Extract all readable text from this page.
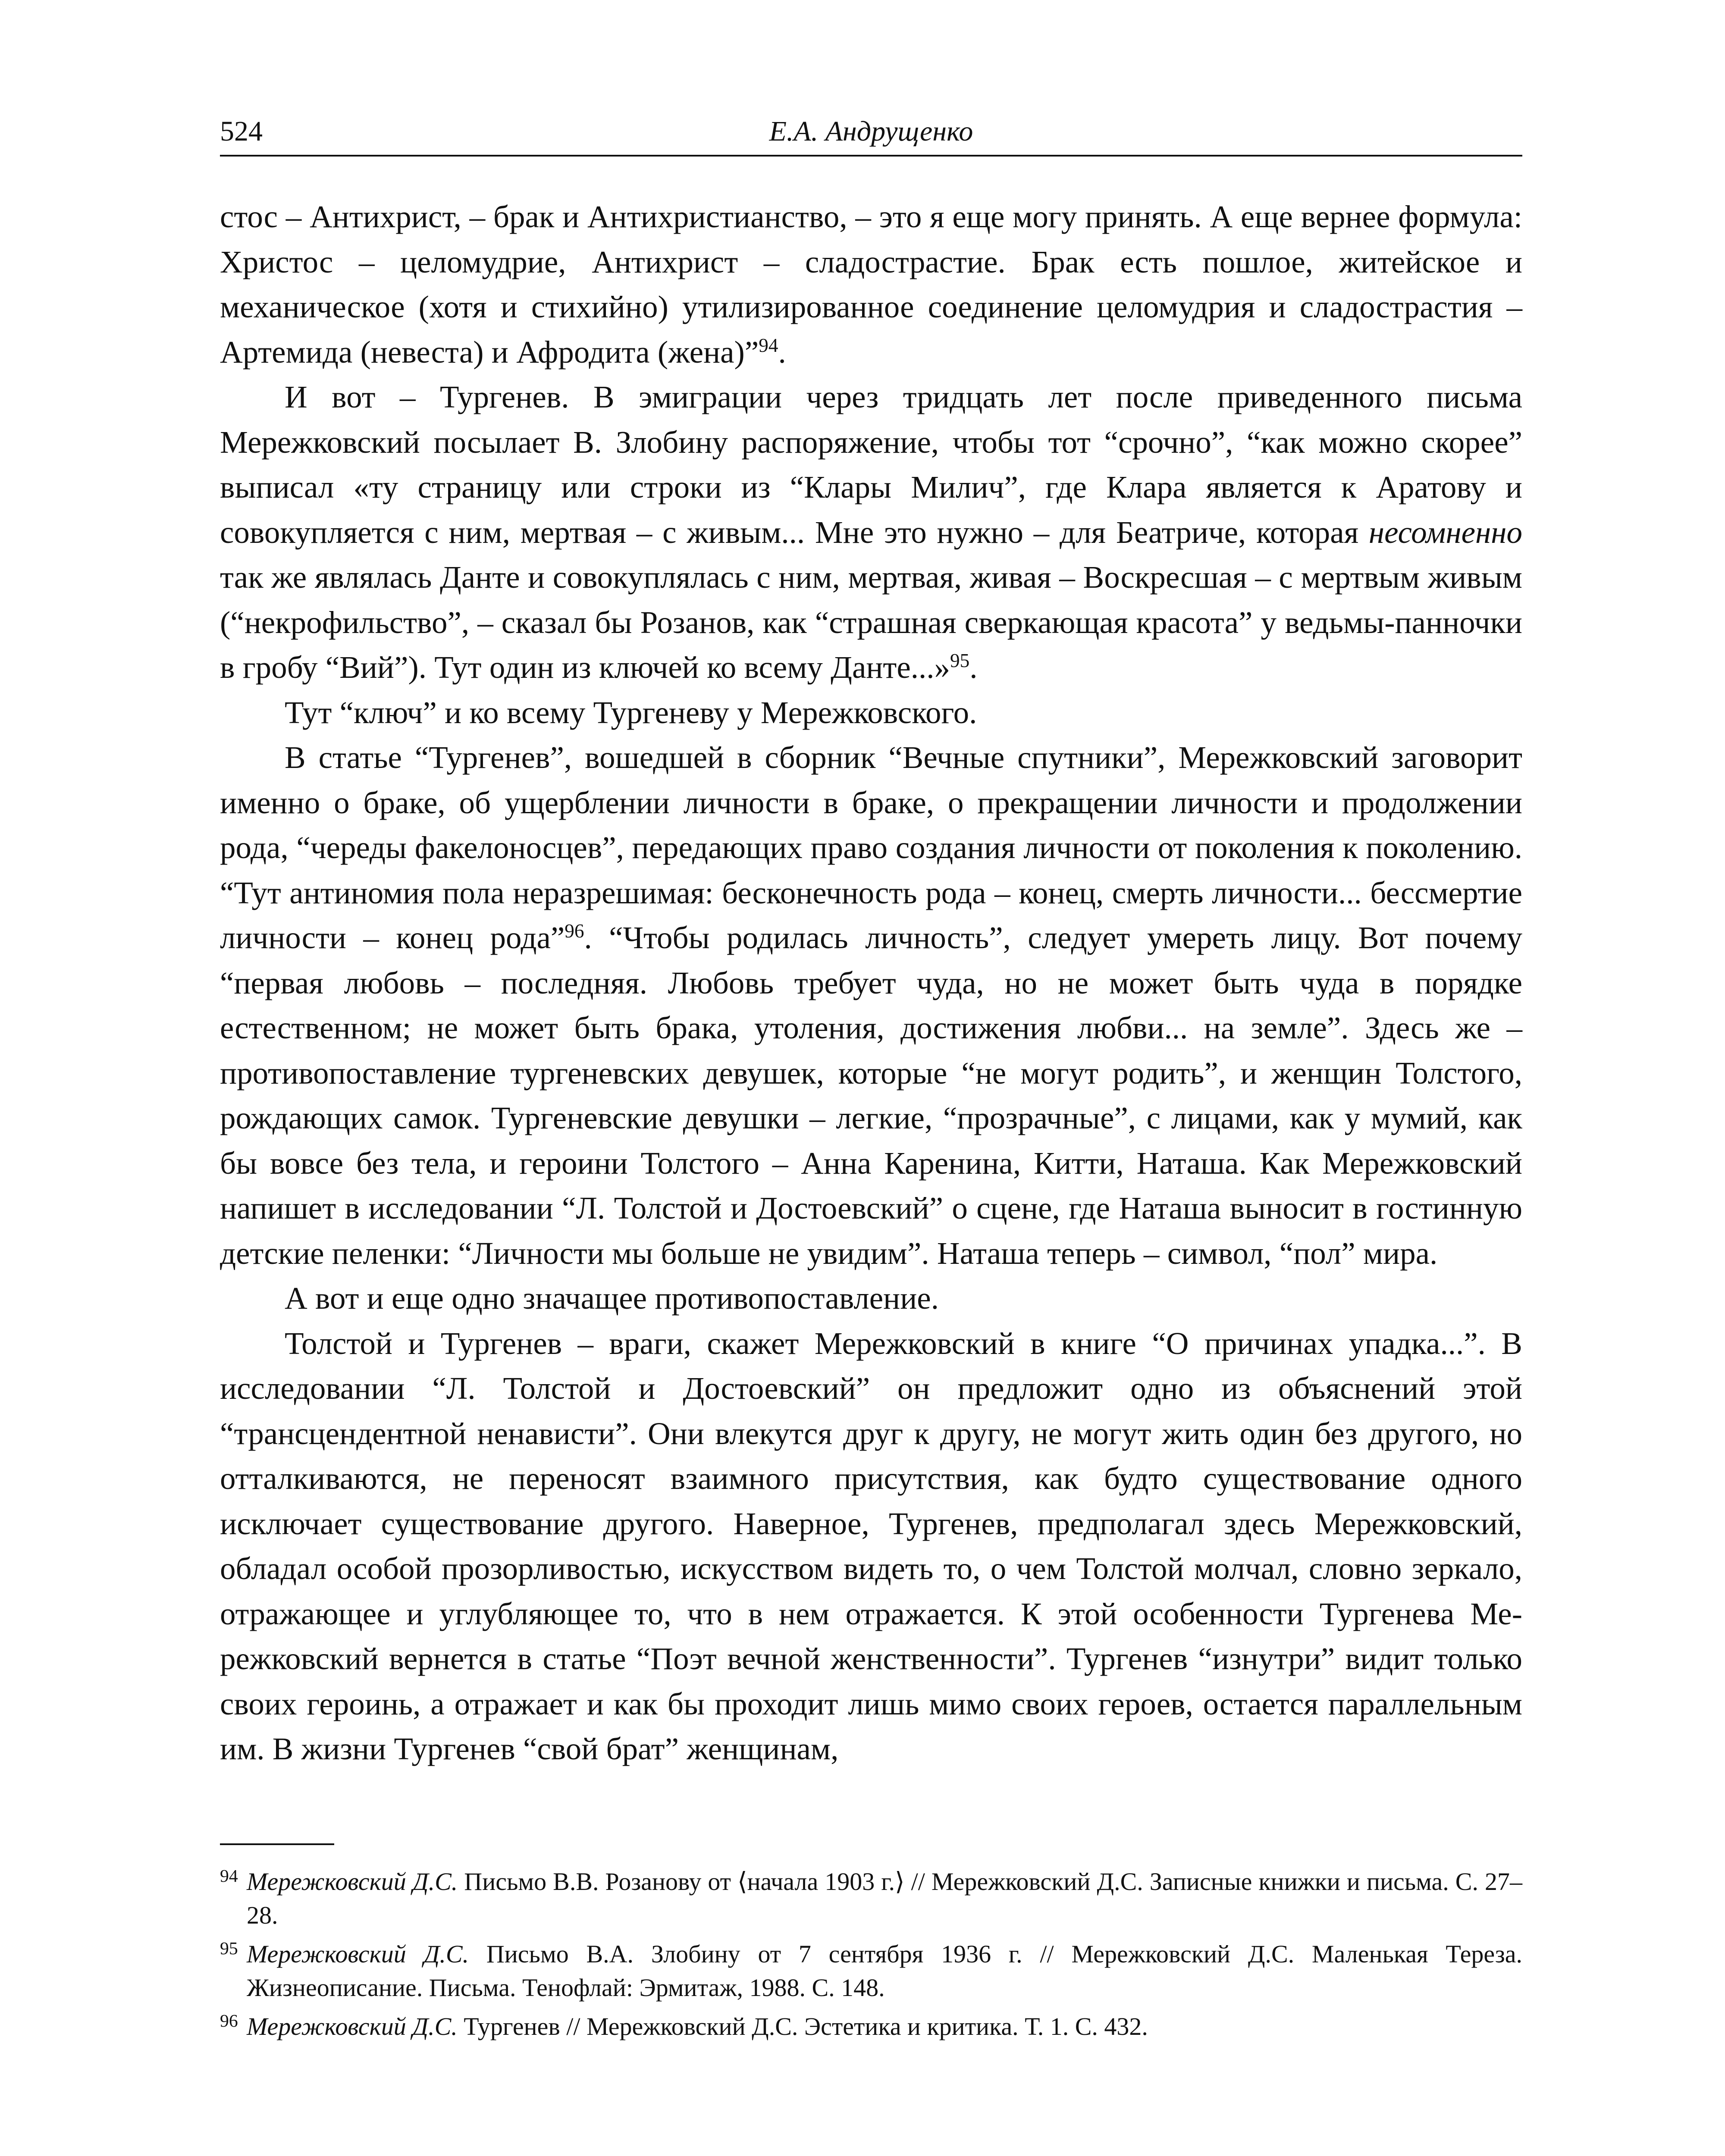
524	Е.А. Андрущенко

стос – Антихрист, – брак и Антихристианство, – это я еще могу принять. А еще вернее формула: Христос – целомудрие, Антихрист – сладострастие. Брак есть пошлое, житейское и механическое (хотя и стихийно) утилизированное соединение целомудрия и сладострастия – Артемида (невеста) и Афродита (жена)”$^{94}$.

И вот – Тургенев. В эмиграции через тридцать лет после приведенного письма Мережковский посылает В. Злобину распоряжение, чтобы тот “срочно”, “как можно скорее” выписал «ту страницу или строки из “Клары Милич”, где Клара является к Аратову и совокупляется с ним, мертвая – с живым... Мне это нужно – для Беатриче, которая несомненно так же являлась Данте и совокуплялась с ним, мертвая, живая – Воскресшая – с мертвым живым (“некрофильство”, – сказал бы Розанов, как “страшная сверкающая красота” у ведьмы-панночки в гробу “Вий”). Тут один из ключей ко всему Данте...»$^{95}$.

Тут “ключ” и ко всему Тургеневу у Мережковского.

В статье “Тургенев”, вошедшей в сборник “Вечные спутники”, Мережковский заговорит именно о браке, об ущерблении личности в браке, о прекращении личности и продолжении рода, “череды факелоносцев”, передающих право создания личности от поколения к поколению. “Тут антиномия пола неразрешимая: бесконечность рода – конец, смерть личности... бессмертие личности – конец рода”$^{96}$. “Чтобы родилась личность”, следует умереть лицу. Вот почему “первая любовь – последняя. Любовь требует чуда, но не может быть чуда в порядке естественном; не может быть брака, утоления, достижения любви... на земле”. Здесь же – противопоставление тургеневских девушек, которые “не могут родить”, и женщин Толстого, рождающих самок. Тургеневские девушки – легкие, “прозрачные”, с лицами, как у мумий, как бы вовсе без тела, и героини Толстого – Анна Каренина, Китти, Наташа. Как Мережковский напишет в исследовании “Л. Толстой и Достоевский” о сцене, где Наташа выносит в гостинную детские пеленки: “Личности мы больше не увидим”. Наташа теперь – символ, “пол” мира.

А вот и еще одно значащее противопоставление.

Толстой и Тургенев – враги, скажет Мережковский в книге “О причинах упадка...”. В исследовании “Л. Толстой и Достоевский” он предложит одно из объяснений этой “трансцендентной ненависти”. Они влекутся друг к другу, не могут жить один без другого, но отталкиваются, не переносят взаимного присутствия, как будто существование одного исключает существование другого. Наверное, Тургенев, предполагал здесь Мережковский, обладал особой прозорливостью, искусством видеть то, о чем Толстой молчал, словно зеркало, отражающее и углубляющее то, что в нем отражается. К этой особенности Тургенева Мережковский вернется в статье “Поэт вечной женственности”. Тургенев “изнутри” видит только своих героинь, а отражает и как бы проходит лишь мимо своих героев, остается параллельным им. В жизни Тургенев “свой брат” женщинам,

94 Мережковский Д.С. Письмо В.В. Розанову от ⟨начала 1903 г.⟩ // Мережковский Д.С. Записные книжки и письма. С. 27–28.

95 Мережковский Д.С. Письмо В.А. Злобину от 7 сентября 1936 г. // Мережковский Д.С. Маленькая Тереза. Жизнеописание. Письма. Тенофлай: Эрмитаж, 1988. С. 148.

96 Мережковский Д.С. Тургенев // Мережковский Д.С. Эстетика и критика. Т. 1. С. 432.
